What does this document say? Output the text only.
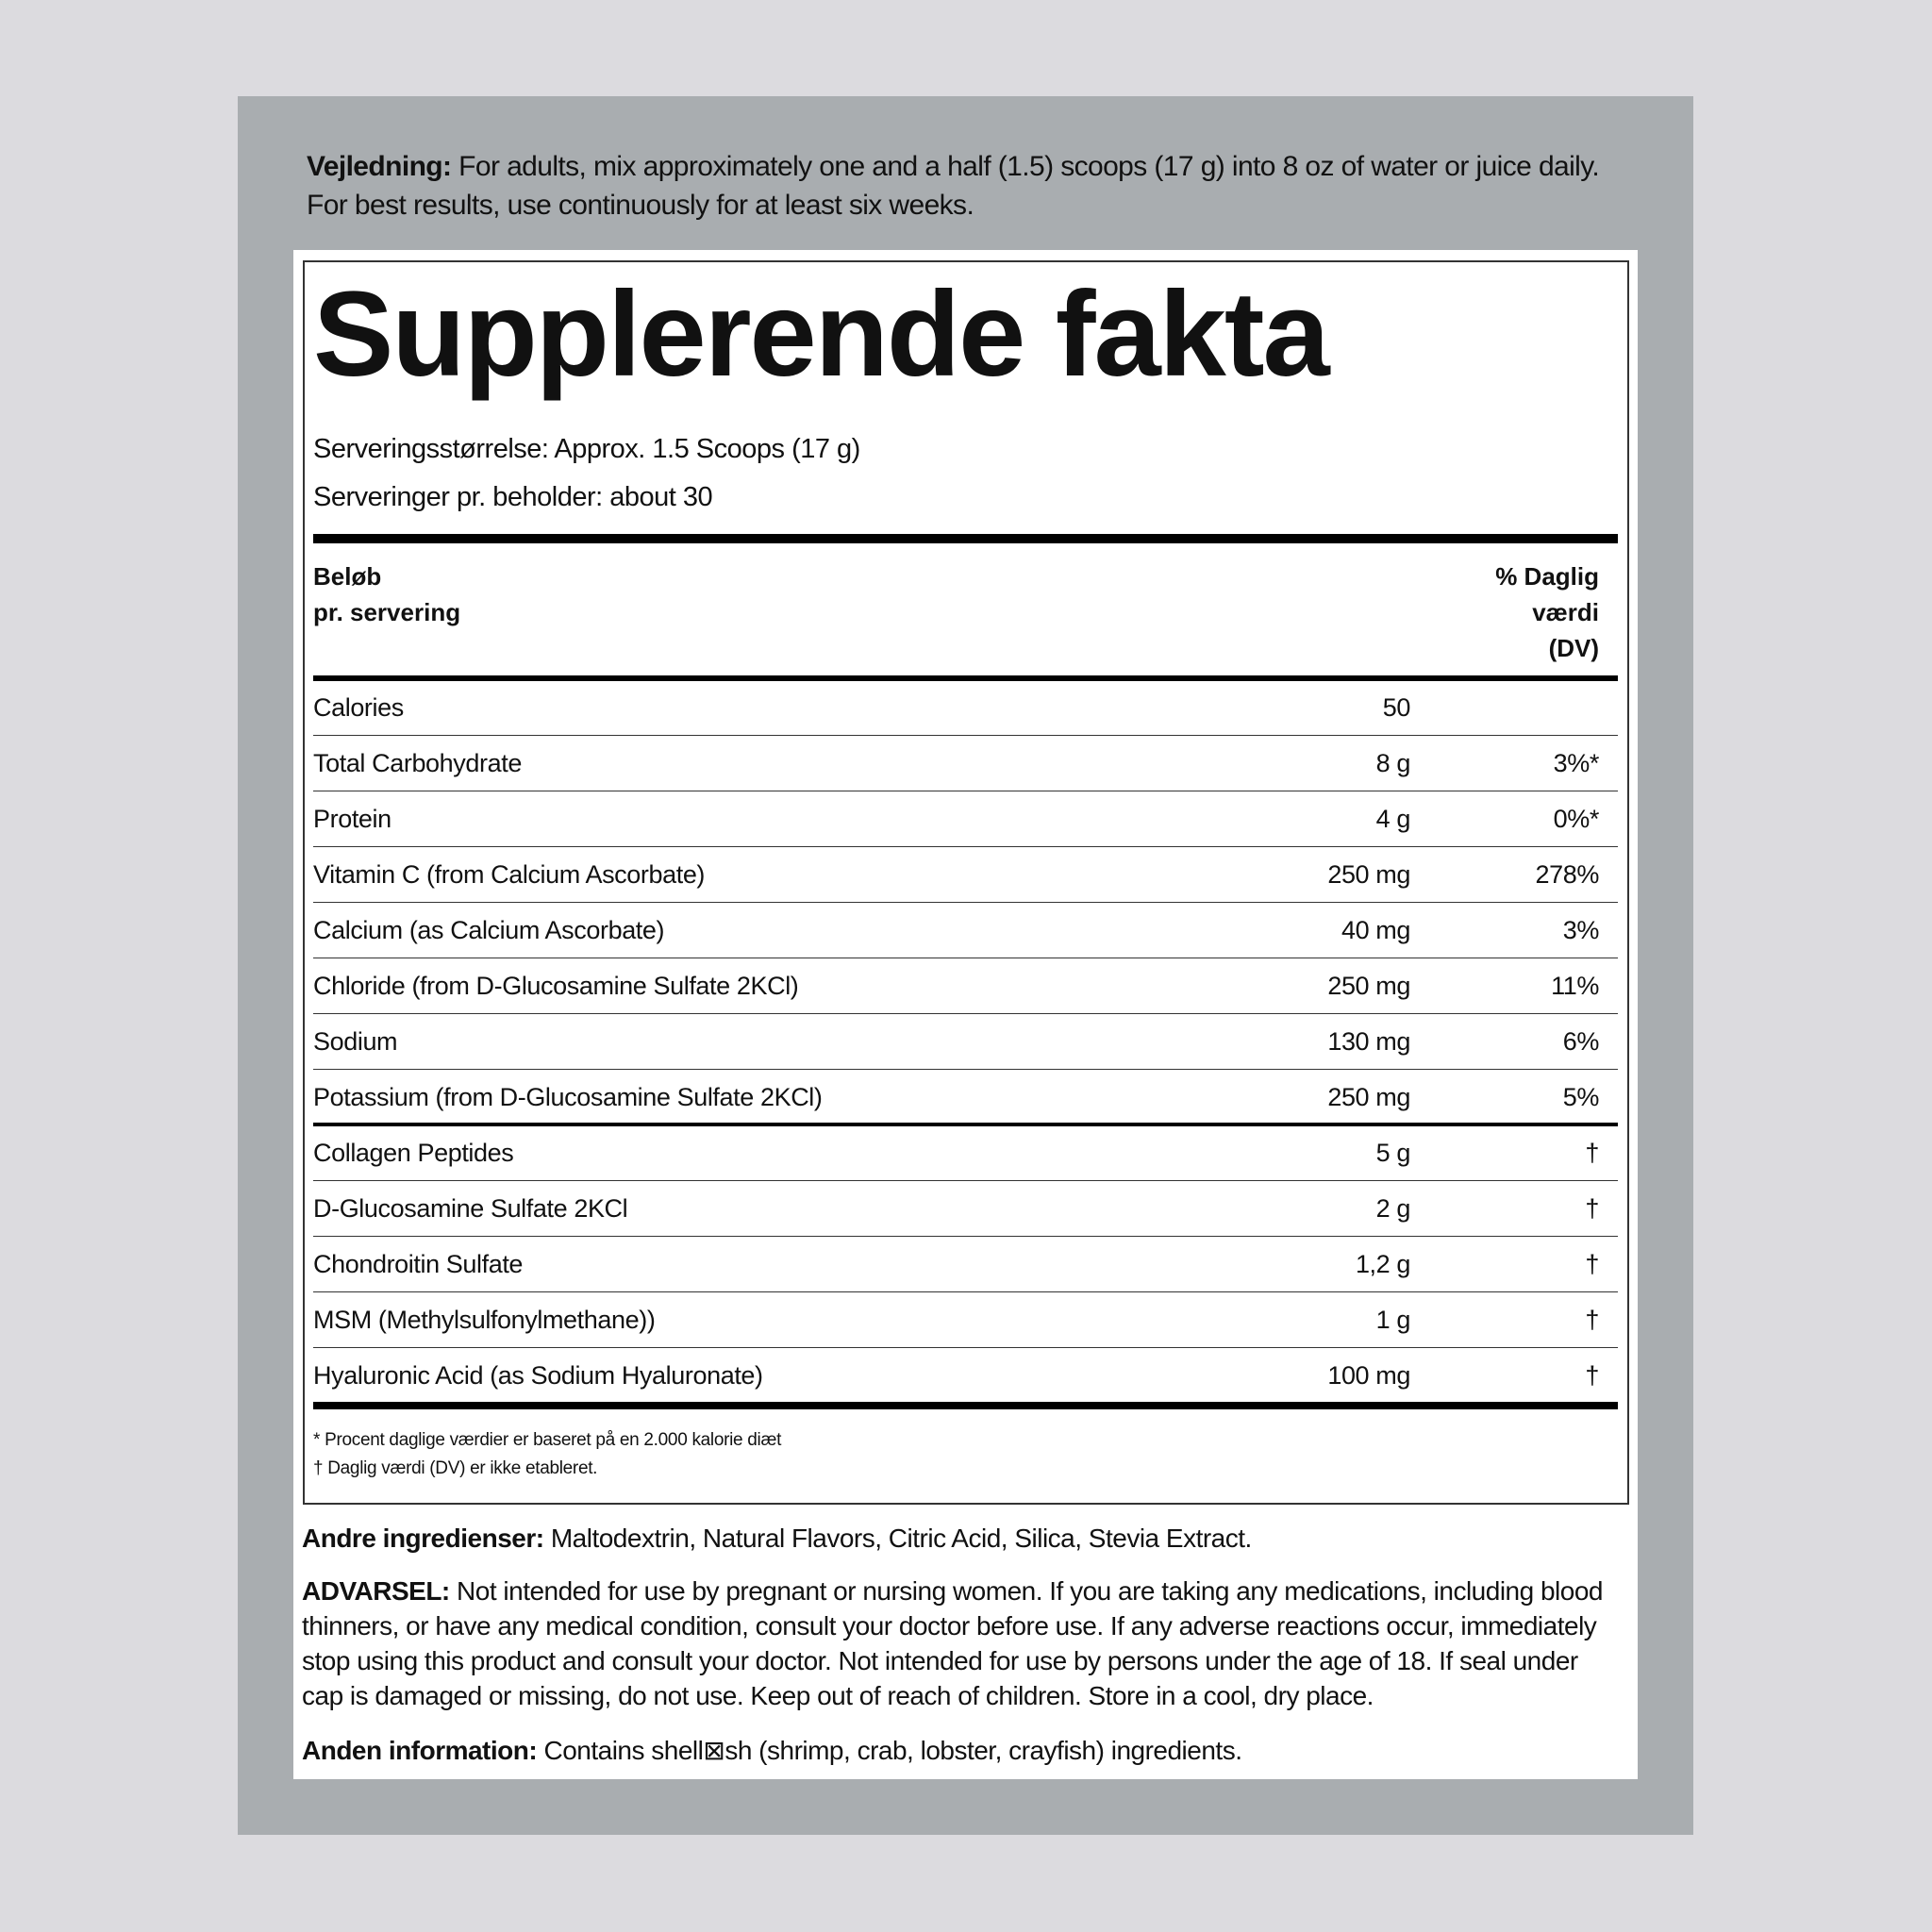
Vejledning: For adults, mix approximately one and a half (1.5) scoops (17 g) into 8 oz of water or juice daily. For best results, use continuously for at least six weeks.
Supplerende fakta
Serveringsstørrelse: Approx. 1.5 Scoops (17 g)
Serveringer pr. beholder: about 30
Beløb
pr. servering
% Daglig
værdi
(DV)
Calories	50
Total Carbohydrate	8 g	3%*
Protein	4 g	0%*
Vitamin C (from Calcium Ascorbate)	250 mg	278%
Calcium (as Calcium Ascorbate)	40 mg	3%
Chloride (from D-Glucosamine Sulfate 2KCl)	250 mg	11%
Sodium	130 mg	6%
Potassium (from D-Glucosamine Sulfate 2KCl)	250 mg	5%
Collagen Peptides	5 g	†
D-Glucosamine Sulfate 2KCl	2 g	†
Chondroitin Sulfate	1,2 g	†
MSM (Methylsulfonylmethane))	1 g	†
Hyaluronic Acid (as Sodium Hyaluronate)	100 mg	†
* Procent daglige værdier er baseret på en 2.000 kalorie diæt
† Daglig værdi (DV) er ikke etableret.
Andre ingredienser: Maltodextrin, Natural Flavors, Citric Acid, Silica, Stevia Extract.
ADVARSEL: Not intended for use by pregnant or nursing women. If you are taking any medications, including blood thinners, or have any medical condition, consult your doctor before use. If any adverse reactions occur, immediately stop using this product and consult your doctor. Not intended for use by persons under the age of 18. If seal under cap is damaged or missing, do not use. Keep out of reach of children. Store in a cool, dry place.
Anden information: Contains shell⊠sh (shrimp, crab, lobster, crayfish) ingredients.
